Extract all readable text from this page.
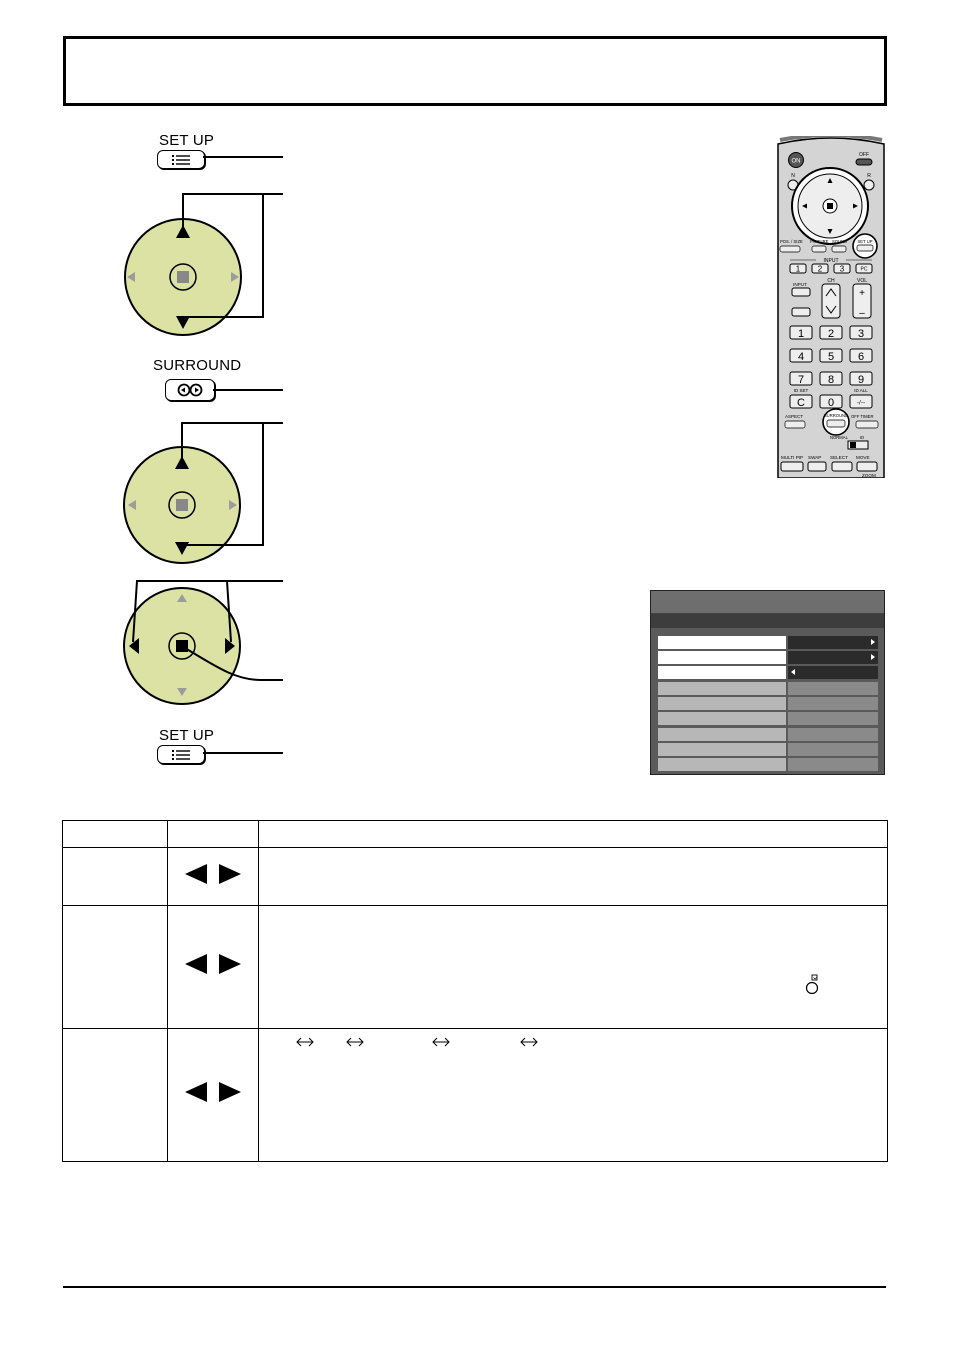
SET UP
SURROUND
SET UP
ON
OFF
N	R
POS. / SIZE PICTURE SOUND SET UP
INPUT
1 2 3	PC
INPUT
CH	VOL
+
–
1 2 3
4 5 6
7 8 9
ID SET	ID ALL
C 0	-/--
ASPECT	SURROUND OFF TIMER
NORMAL	ID
MULTI PIP SWAP SELECT MOVE
ZOOM
